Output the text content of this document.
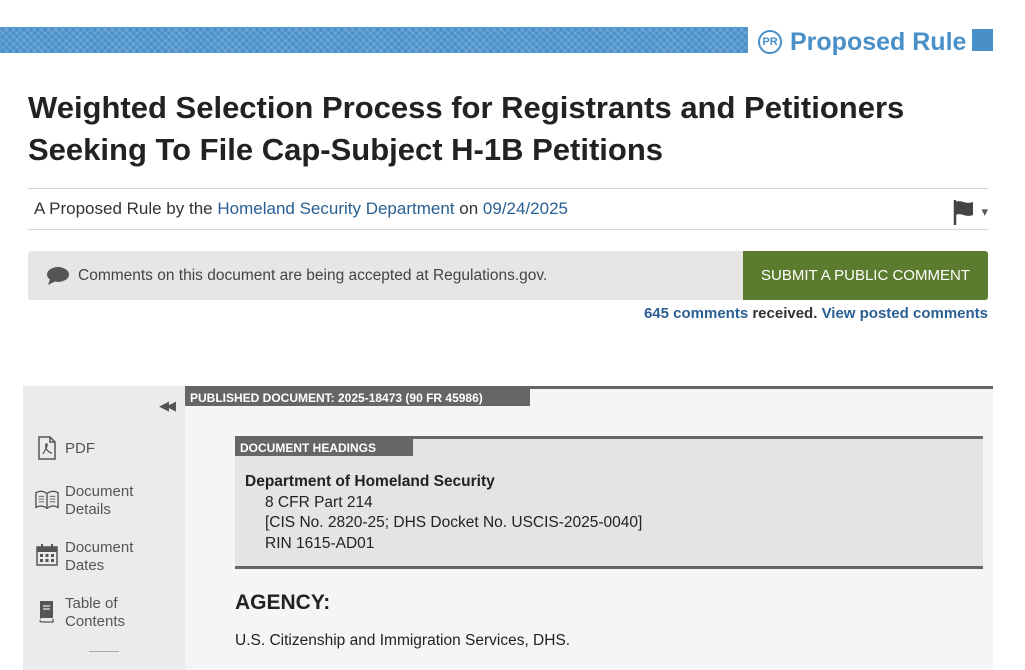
PR Proposed Rule
Weighted Selection Process for Registrants and Petitioners Seeking To File Cap-Subject H-1B Petitions
A Proposed Rule by the
Homeland Security Department
on
09/24/2025	▾
Comments on this document are being accepted at Regulations.gov.	SUBMIT A PUBLIC COMMENT
645 comments received. View posted comments
◀◀
PDF
Document
Details
Document
Dates
Table of
Contents
PUBLISHED DOCUMENT: 2025-18473 (90 FR 45986)
DOCUMENT HEADINGS
Department of Homeland Security
8 CFR Part 214
[CIS No. 2820-25; DHS Docket No. USCIS-2025-0040]
RIN 1615-AD01
AGENCY:
U.S. Citizenship and Immigration Services, DHS.
